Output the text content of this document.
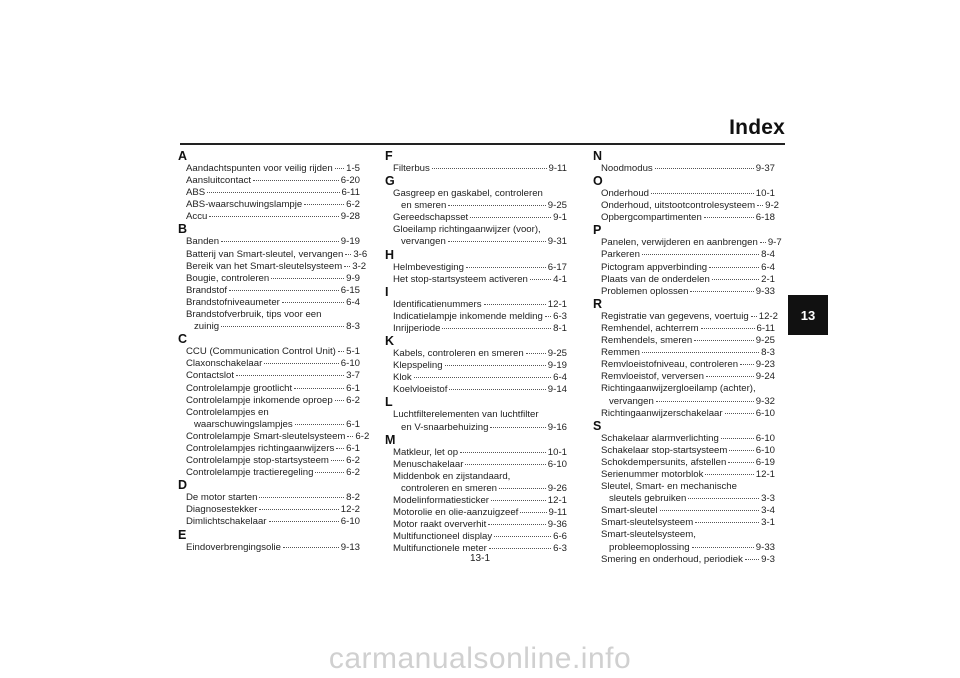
Index
A
Aandachtspunten voor veilig rijden 1-5
Aansluitcontact	6-20
ABS	6-11
ABS-waarschuwingslampje	6-2
Accu	9-28
B
Banden	9-19
Batterij van Smart-sleutel, vervangen 3-6
Bereik van het Smart-sleutelsysteem 3-2
Bougie, controleren	9-9
Brandstof	6-15
Brandstofniveaumeter	6-4
Brandstofverbruik, tips voor een
zuinig	8-3
C
CCU (Communication Control Unit) 5-1
Claxonschakelaar	6-10
Contactslot	3-7
Controlelampje grootlicht	6-1
Controlelampje inkomende oproep 6-2
Controlelampjes en
waarschuwingslampjes	6-1
Controlelampje Smart-sleutelsysteem 6-2
Controlelampjes richtingaanwijzers 6-1
Controlelampje stop-startsysteem 6-2
Controlelampje tractieregeling	6-2
D
De motor starten	8-2
Diagnosestekker	12-2
Dimlichtschakelaar	6-10
E
Eindoverbrengingsolie	9-13
F
Filterbus	9-11
G
Gasgreep en gaskabel, controleren
en smeren	9-25
Gereedschapsset	9-1
Gloeilamp richtingaanwijzer (voor),
vervangen	9-31
H
Helmbevestiging	6-17
Het stop-startsysteem activeren	4-1
I
Identificatienummers	12-1
Indicatielampje inkomende melding 6-3
Inrijperiode	8-1
K
Kabels, controleren en smeren	9-25
Klepspeling	9-19
Klok	6-4
Koelvloeistof	9-14
L
Luchtfilterelementen van luchtfilter
en V-snaarbehuizing	9-16
M
Matkleur, let op	10-1
Menuschakelaar	6-10
Middenbok en zijstandaard,
controleren en smeren	9-26
Modelinformatiesticker	12-1
Motorolie en olie-aanzuigzeef	9-11
Motor raakt oververhit	9-36
Multifunctioneel display	6-6
Multifunctionele meter	6-3
N
Noodmodus	9-37
O
Onderhoud	10-1
Onderhoud, uitstootcontrolesysteem 9-2
Opbergcompartimenten	6-18
P
Panelen, verwijderen en aanbrengen 9-7
Parkeren	8-4
Pictogram appverbinding	6-4
Plaats van de onderdelen	2-1
Problemen oplossen	9-33
R
Registratie van gegevens, voertuig 12-2
Remhendel, achterrem	6-11
Remhendels, smeren	9-25
Remmen	8-3
Remvloeistofniveau, controleren 9-23
Remvloeistof, verversen	9-24
Richtingaanwijzergloeilamp (achter),
vervangen	9-32
Richtingaanwijzerschakelaar	6-10
S
Schakelaar alarmverlichting	6-10
Schakelaar stop-startsysteem	6-10
Schokdempersunits, afstellen	6-19
Serienummer motorblok	12-1
Sleutel, Smart- en mechanische
sleutels gebruiken	3-3
Smart-sleutel	3-4
Smart-sleutelsysteem	3-1
Smart-sleutelsysteem,
probleemoplossing	9-33
Smering en onderhoud, periodiek 9-3
13
13-1
carmanualsonline.info
